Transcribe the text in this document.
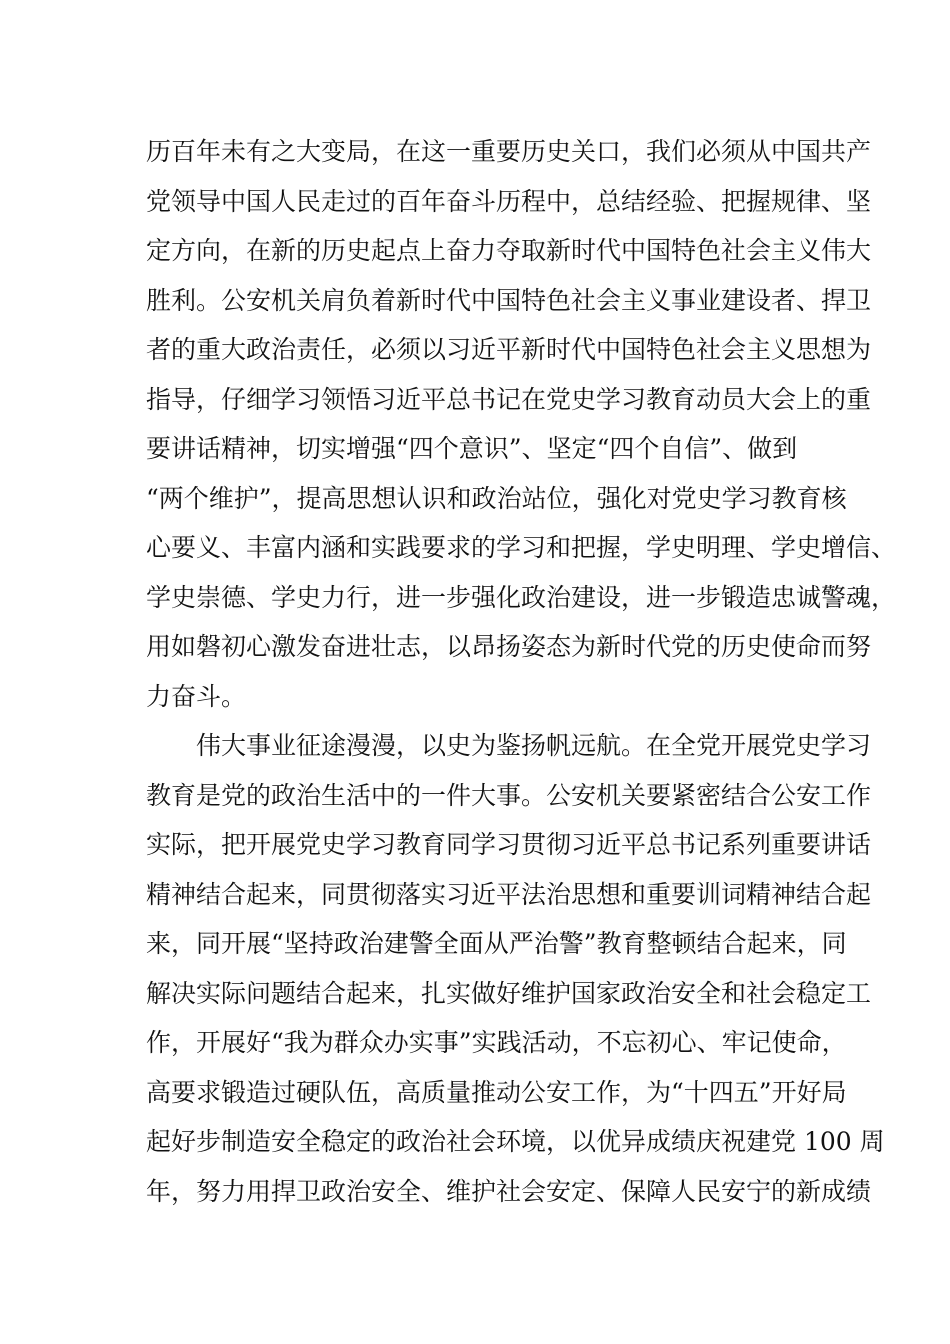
历百年未有之大变局，在这一重要历史关口，我们必须从中国共产
党领导中国人民走过的百年奋斗历程中，总结经验、把握规律、坚
定方向，在新的历史起点上奋力夺取新时代中国特色社会主义伟大
胜利。公安机关肩负着新时代中国特色社会主义事业建设者、捍卫
者的重大政治责任，必须以习近平新时代中国特色社会主义思想为
指导，仔细学习领悟习近平总书记在党史学习教育动员大会上的重
要讲话精神，切实增强“四个意识”、坚定“四个自信”、做到
“两个维护”，提高思想认识和政治站位，强化对党史学习教育核
心要义、丰富内涵和实践要求的学习和把握，学史明理、学史增信、
学史崇德、学史力行，进一步强化政治建设，进一步锻造忠诚警魂，
用如磐初心激发奋进壮志，以昂扬姿态为新时代党的历史使命而努
力奋斗。
伟大事业征途漫漫，以史为鉴扬帆远航。在全党开展党史学习
教育是党的政治生活中的一件大事。公安机关要紧密结合公安工作
实际，把开展党史学习教育同学习贯彻习近平总书记系列重要讲话
精神结合起来，同贯彻落实习近平法治思想和重要训词精神结合起
来，同开展“坚持政治建警全面从严治警”教育整顿结合起来，同
解决实际问题结合起来，扎实做好维护国家政治安全和社会稳定工
作，开展好“我为群众办实事”实践活动，不忘初心、牢记使命，
高要求锻造过硬队伍，高质量推动公安工作，为“十四五”开好局
起好步制造安全稳定的政治社会环境，以优异成绩庆祝建党 100 周
年，努力用捍卫政治安全、维护社会安定、保障人民安宁的新成绩
